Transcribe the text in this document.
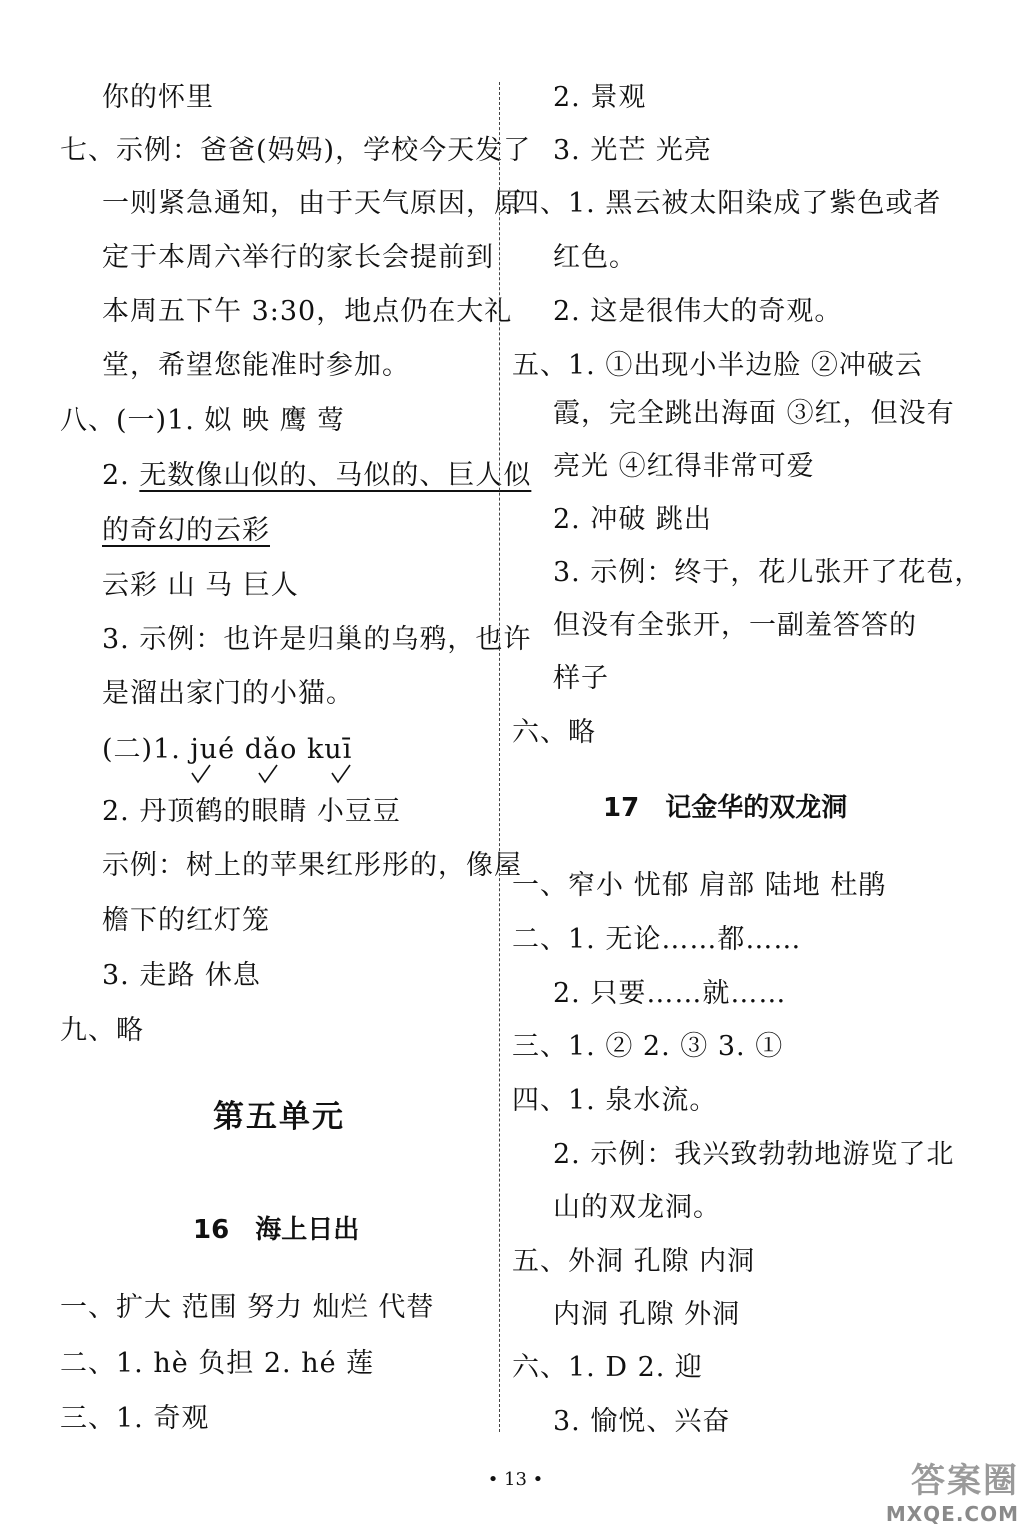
你的怀里
七、示例：爸爸(妈妈)，学校今天发了
一则紧急通知，由于天气原因，原
定于本周六举行的家长会提前到
本周五下午 3:30，地点仍在大礼
堂，希望您能准时参加。
八、(一)1. 姒 映 鹰 莺
2. 无数像山似的、马似的、巨人似
的奇幻的云彩
云彩 山 马 巨人
3. 示例：也许是归巢的乌鸦，也许
是溜出家门的小猫。
(二)1. jué dǎo kuī
2. 丹顶鹤的眼睛 小豆豆
示例：树上的苹果红彤彤的，像屋
檐下的红灯笼
3. 走路 休息
九、略
第五单元
16 海上日出
一、扩大 范围 努力 灿烂 代替
二、1. hè 负担 2. hé 莲
三、1. 奇观
2. 景观
3. 光芒 光亮
四、1. 黑云被太阳染成了紫色或者
红色。
2. 这是很伟大的奇观。
五、1. ①出现小半边脸 ②冲破云
霞，完全跳出海面 ③红，但没有
亮光 ④红得非常可爱
2. 冲破 跳出
3. 示例：终于，花儿张开了花苞，
但没有全张开，一副羞答答的
样子
六、略
17 记金华的双龙洞
一、窄小 忧郁 肩部 陆地 杜鹃
二、1. 无论……都……
2. 只要……就……
三、1. ② 2. ③ 3. ①
四、1. 泉水流。
2. 示例：我兴致勃勃地游览了北
山的双龙洞。
五、外洞 孔隙 内洞
内洞 孔隙 外洞
六、1. D 2. 迎
3. 愉悦、兴奋
• 13 •	答案圈
MXQE.COM
